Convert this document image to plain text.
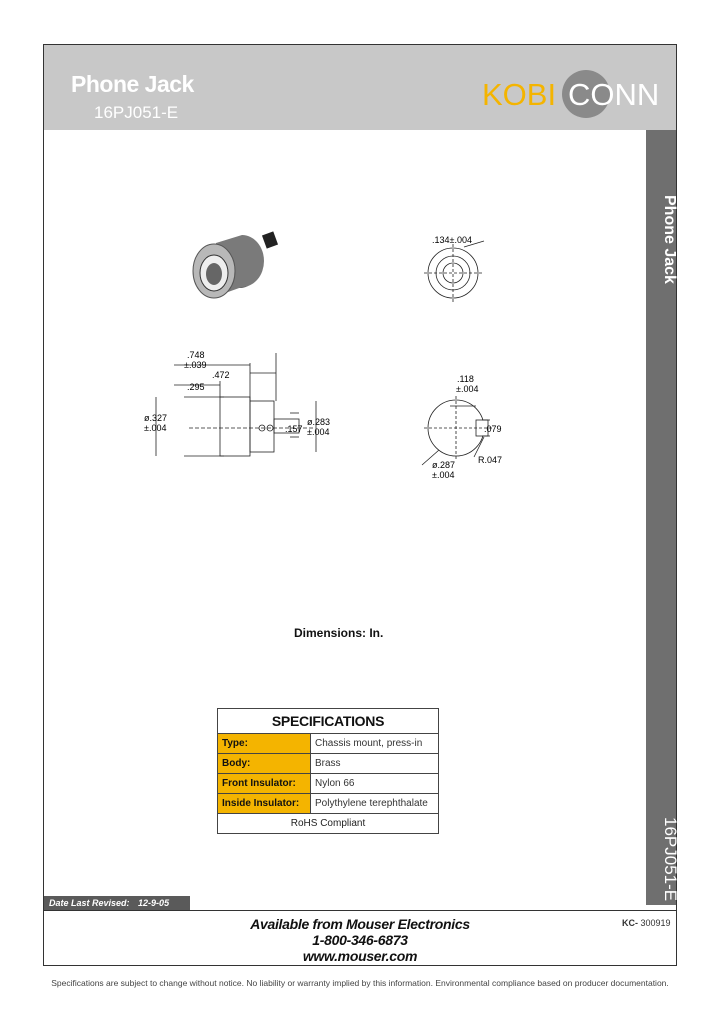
Phone Jack
16PJ051-E
KOBI CONN
Phone Jack
16PJ051-E
.134±.004
.748
±.039
.472
.295
ø.327
±.004	.157
ø.283
±.004
.118
±.004
.079
ø.287
±.004
R.047
Dimensions: In.
SPECIFICATIONS	
Type:	Chassis mount, press-in
Body:	Brass
Front Insulator:	Nylon 66
Inside Insulator:	Polythylene terephthalate
RoHS Compliant	
Date Last Revised: 12-9-05
Available from Mouser Electronics
1-800-346-6873
www.mouser.com
KC- 300919
Specifications are subject to change without notice. No liability or warranty implied by this information. Environmental compliance based on producer documentation.
